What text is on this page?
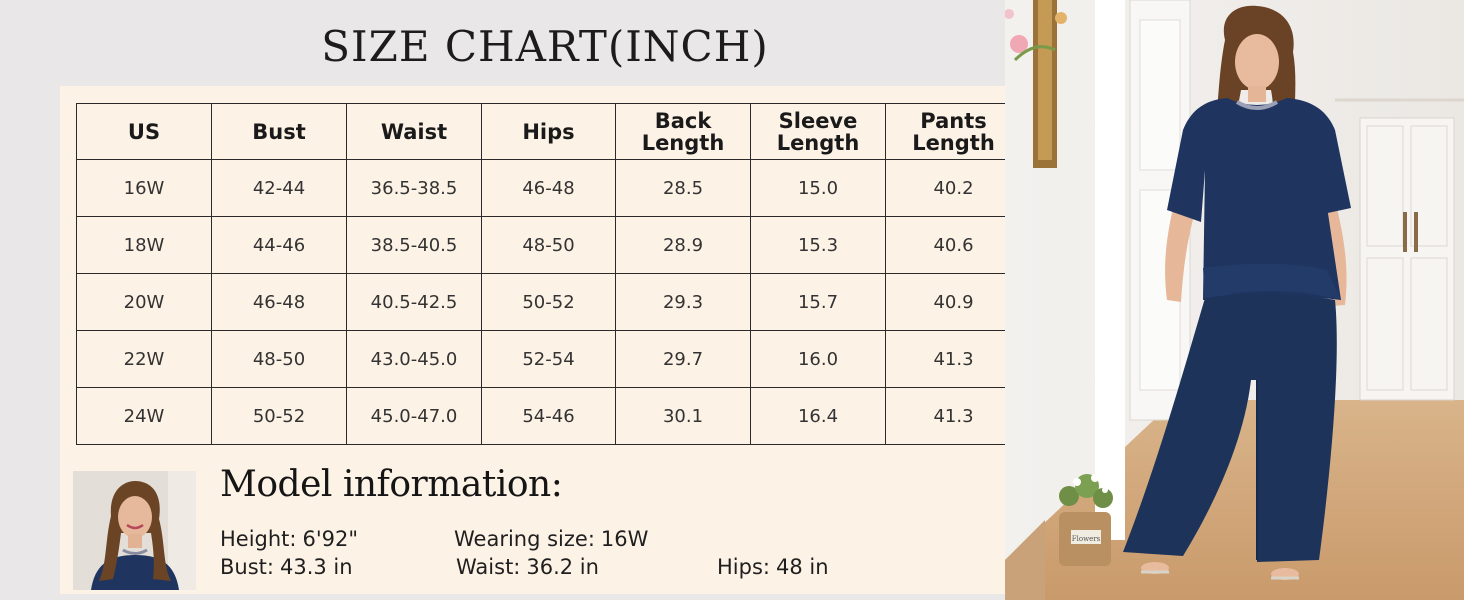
SIZE CHART(INCH)
US	Bust	Waist	Hips	Back Length	Sleeve Length	Pants Length
16W	42-44	36.5-38.5	46-48	28.5	15.0	40.2
18W	44-46	38.5-40.5	48-50	28.9	15.3	40.6
20W	46-48	40.5-42.5	50-52	29.3	15.7	40.9
22W	48-50	43.0-45.0	52-54	29.7	16.0	41.3
24W	50-52	45.0-47.0	54-46	30.1	16.4	41.3
Model information:
Height: 6'92"	Wearing size: 16W
Bust: 43.3 in	Waist: 36.2 in	Hips: 48 in
Flowers
